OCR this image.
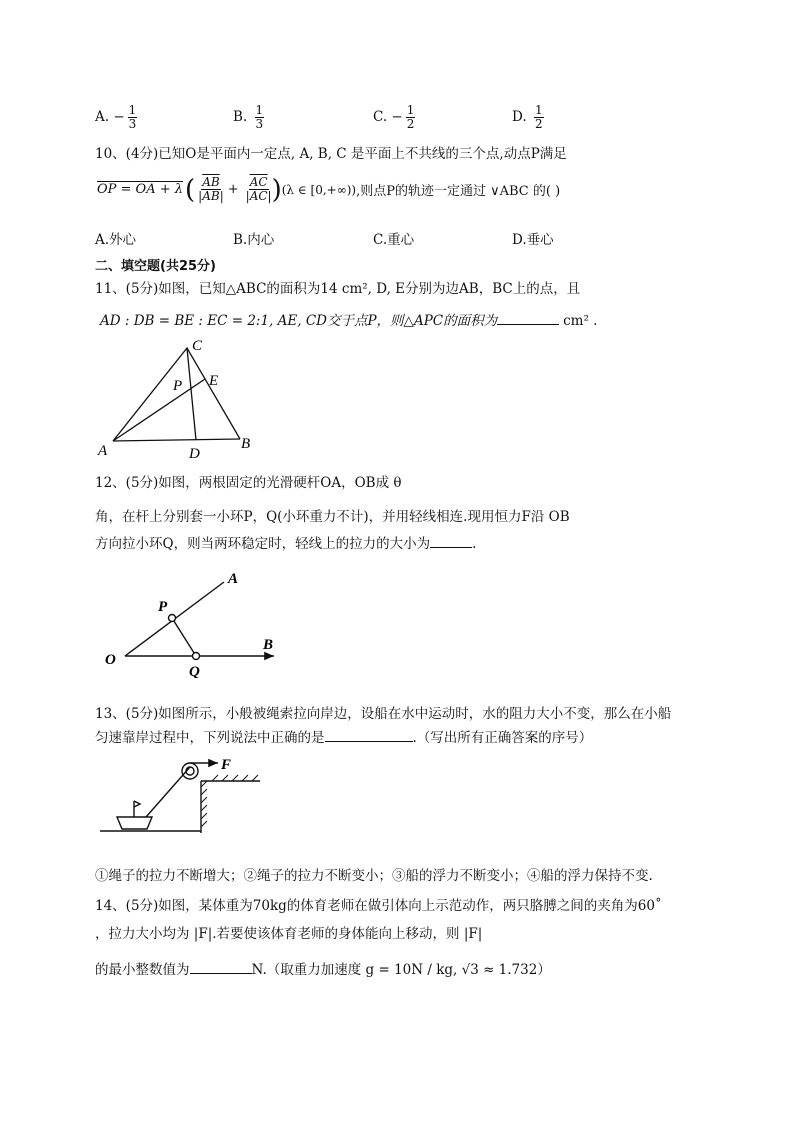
A. − $\frac{1}{3}$	B. $\frac{1}{3}$	C. − $\frac{1}{2}$	D. $\frac{1}{2}$
10、(4分)已知O是平面内一定点, A, B, C 是平面上不共线的三个点,动点P满足
OP = OA + λ ( $\frac{\overline{AB}}{|AB|} + \frac{\overline{AC}}{|AC|}$ ) (λ ∈ [0,+∞)) ,则点P的轨迹一定通过 ∨ABC 的( )
A.外心	B.内心	C.重心	D.垂心
二、填空题(共25分)
11、(5分)如图，已知△ABC的面积为14 cm², D, E分别为边AB，BC上的点，且
AD : DB = BE : EC = 2:1, AE, CD交于点P，则△APC的面积为	cm² .
A	B
C
D
E
P
12、(5分)如图，两根固定的光滑硬杆OA，OB成 θ
角，在杆上分别套一小环P，Q(小环重力不计)，并用轻线相连.现用恒力F沿 OB
方向拉小环Q，则当两环稳定时，轻线上的拉力的大小为	.
O
A
B
P
Q
13、(5分)如图所示，小般被绳索拉向岸边，设船在水中运动时，水的阻力大小不变，那么在小船
匀速靠岸过程中，下列说法中正确的是	.（写出所有正确答案的序号）
F
①绳子的拉力不断增大；②绳子的拉力不断变小；③船的浮力不断变小；④船的浮力保持不变.
14、(5分)如图，某体重为70kg的体育老师在做引体向上示范动作，两只胳膊之间的夹角为60˚
，拉力大小均为 |F|.若要使该体育老师的身体能向上移动，则 |F|
的最小整数值为	N.（取重力加速度 g = 10N / kg, √3 ≈ 1.732）
